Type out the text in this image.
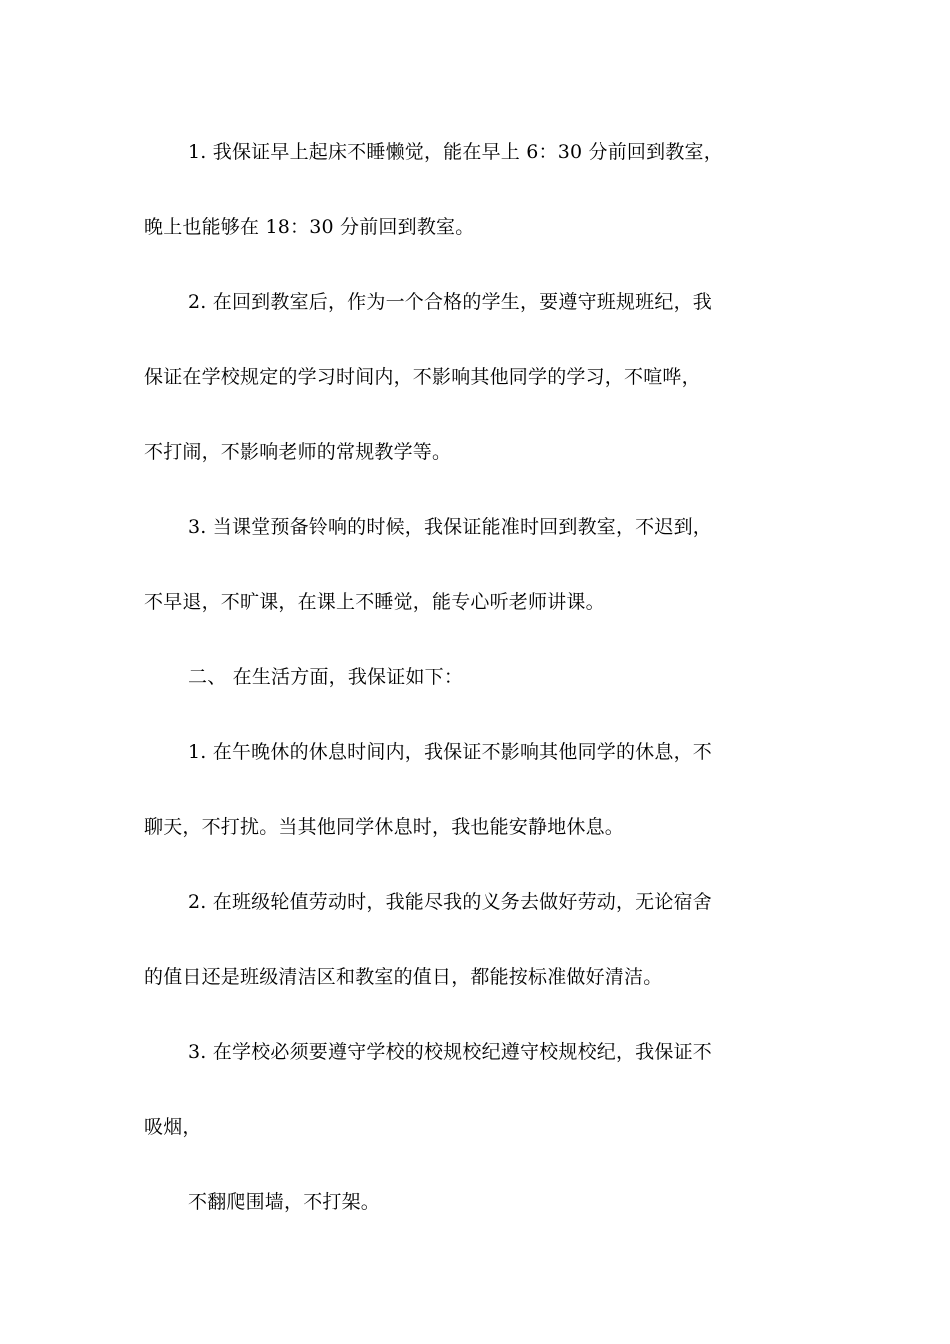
1. 我保证早上起床不睡懒觉，能在早上 6：30 分前回到教室，

晚上也能够在 18：30 分前回到教室。

2. 在回到教室后，作为一个合格的学生，要遵守班规班纪，我

保证在学校规定的学习时间内，不影响其他同学的学习，不喧哗，

不打闹，不影响老师的常规教学等。

3. 当课堂预备铃响的时候，我保证能准时回到教室，不迟到，

不早退，不旷课，在课上不睡觉，能专心听老师讲课。

二、 在生活方面，我保证如下：

1. 在午晚休的休息时间内，我保证不影响其他同学的休息，不

聊天，不打扰。当其他同学休息时，我也能安静地休息。

2. 在班级轮值劳动时，我能尽我的义务去做好劳动，无论宿舍

的值日还是班级清洁区和教室的值日，都能按标准做好清洁。

3. 在学校必须要遵守学校的校规校纪遵守校规校纪，我保证不

吸烟，

不翻爬围墙，不打架。
